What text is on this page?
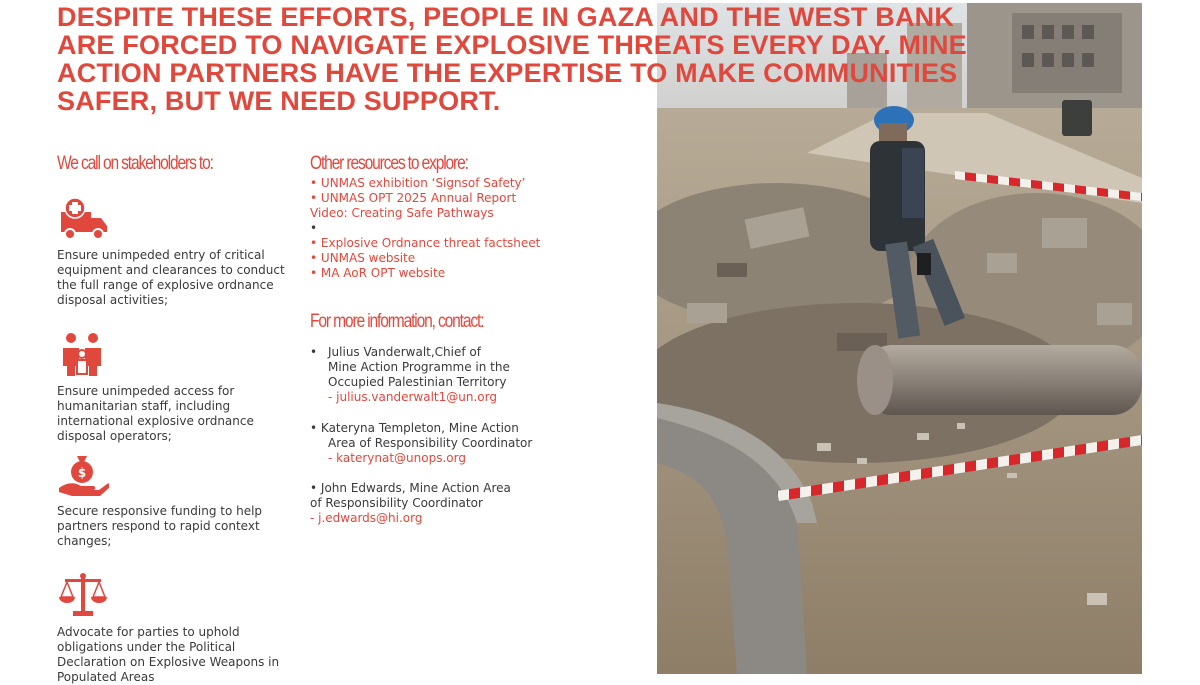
DESPITE THESE EFFORTS, PEOPLE IN GAZA AND THE WEST BANK ARE FORCED TO NAVIGATE EXPLOSIVE THREATS EVERY DAY. MINE ACTION PARTNERS HAVE THE EXPERTISE TO MAKE COMMUNITIES SAFER, BUT WE NEED SUPPORT.
We call on stakeholders to:

Ensure unimpeded entry of critical equipment and clearances to conduct the full range of explosive ordnance disposal activities;

Ensure unimpeded access for humanitarian staff, including international explosive ordnance disposal operators;

$

Secure responsive funding to help partners respond to rapid context changes;

Advocate for parties to uphold obligations under the Political Declaration on Explosive Weapons in Populated Areas

Other resources to explore:
• UNMAS exhibition ‘Signsof Safety’
• UNMAS OPT 2025 Annual Report
Video: Creating Safe Pathways
•
• Explosive Ordnance threat factsheet
• UNMAS website
• MA AoR OPT website
For more information, contact:
• Julius Vanderwalt,Chief of
Mine Action Programme in the
Occupied Palestinian Territory
- julius.vanderwalt1@un.org
• Kateryna Templeton, Mine Action
Area of Responsibility Coordinator
- katerynat@unops.org
• John Edwards, Mine Action Area
of Responsibility Coordinator
- j.edwards@hi.org
